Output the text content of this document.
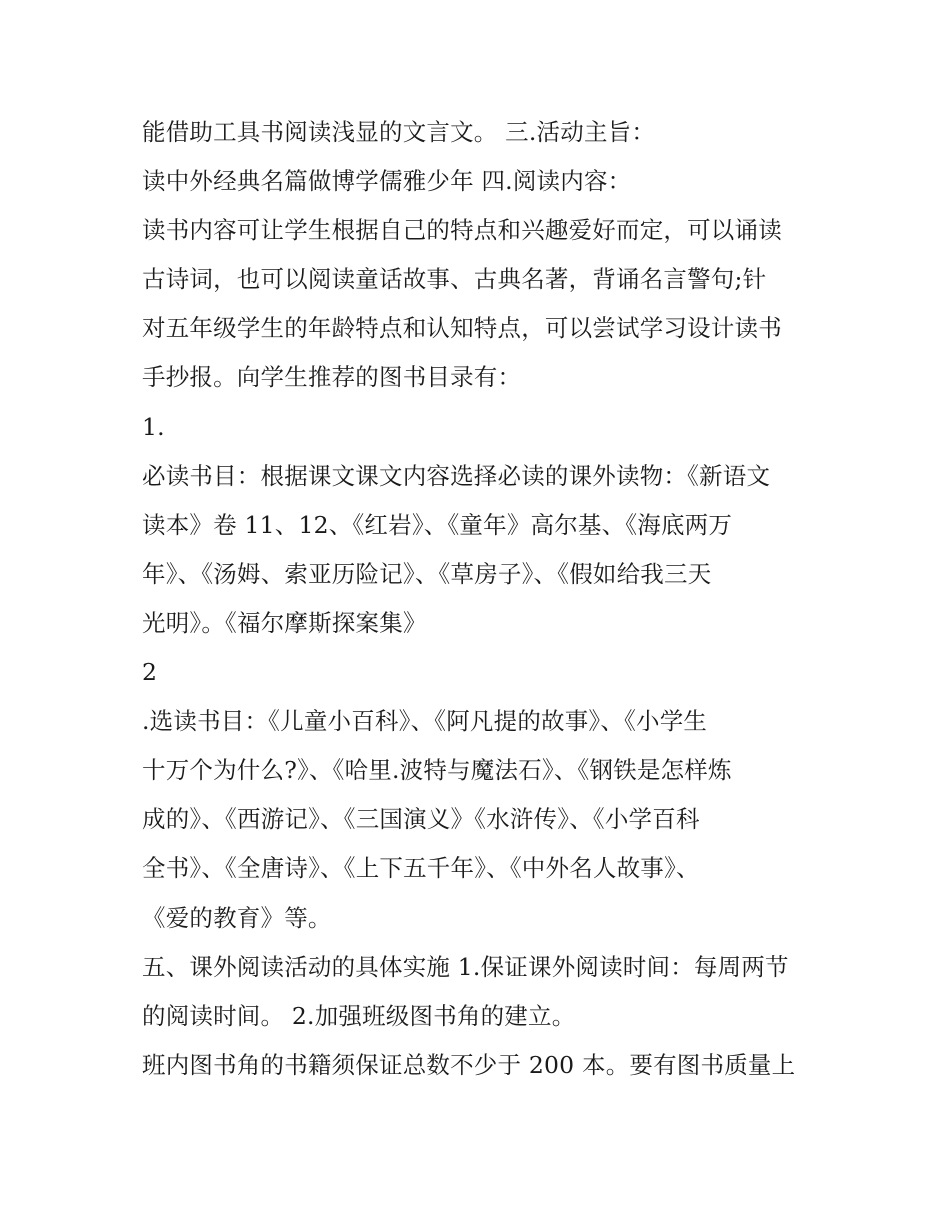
能借助工具书阅读浅显的文言文。 三.活动主旨：
读中外经典名篇做博学儒雅少年 四.阅读内容：
读书内容可让学生根据自己的特点和兴趣爱好而定，可以诵读
古诗词，也可以阅读童话故事、古典名著，背诵名言警句;针
对五年级学生的年龄特点和认知特点，可以尝试学习设计读书
手抄报。向学生推荐的图书目录有：
1.
必读书目：根据课文课文内容选择必读的课外读物：《新语文
读本》卷 11、12、《红岩》、《童年》高尔基、《海底两万
年》、《汤姆、索亚历险记》、《草房子》、《假如给我三天
光明》。《福尔摩斯探案集》
2
.选读书目：《儿童小百科》、《阿凡提的故事》、《小学生
十万个为什么?》、《哈里.波特与魔法石》、《钢铁是怎样炼
成的》、《西游记》、《三国演义》《水浒传》、《小学百科
全书》、《全唐诗》、《上下五千年》、《中外名人故事》、
《爱的教育》等。
五、课外阅读活动的具体实施 1.保证课外阅读时间：每周两节
的阅读时间。 2.加强班级图书角的建立。
班内图书角的书籍须保证总数不少于 200 本。要有图书质量上
